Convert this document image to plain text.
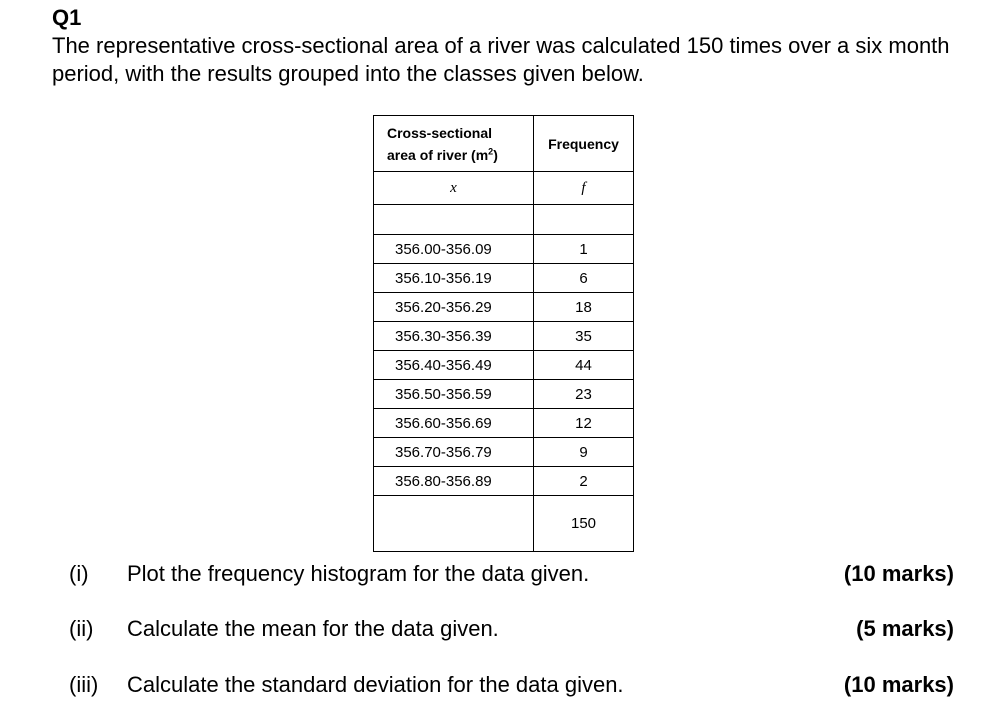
Q1
The representative cross-sectional area of a river was calculated 150 times over a six month period, with the results grouped into the classes given below.
Cross-sectional
area of river $(m^2)$	Frequency
x	f

356.00-356.09	1
356.10-356.19	6
356.20-356.29	18
356.30-356.39	35
356.40-356.49	44
356.50-356.59	23
356.60-356.69	12
356.70-356.79	9
356.80-356.89	2
	150
(i) Plot the frequency histogram for the data given.	(10 marks)
(ii) Calculate the mean for the data given.	(5 marks)
(iii) Calculate the standard deviation for the data given.	(10 marks)
